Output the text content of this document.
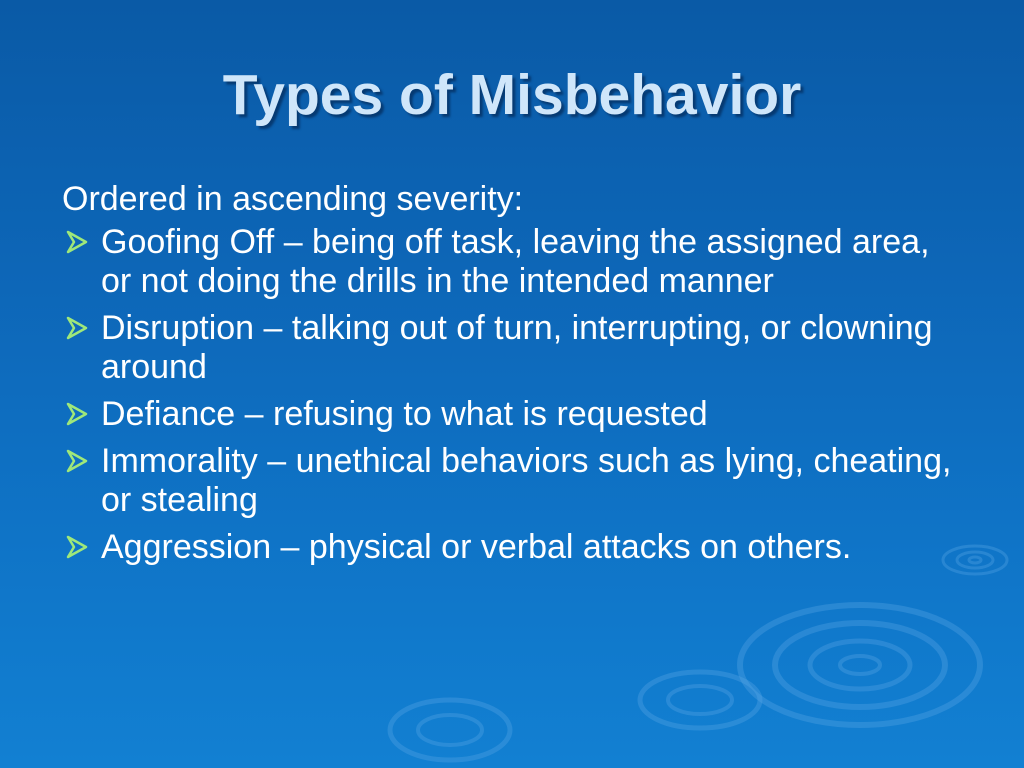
Types of Misbehavior
Ordered in ascending severity:
Goofing Off – being off task, leaving the assigned area, or not doing the drills in the intended manner
Disruption – talking out of turn, interrupting, or clowning around
Defiance – refusing to what is requested
Immorality – unethical behaviors such as lying, cheating, or stealing
Aggression – physical or verbal attacks on others.
